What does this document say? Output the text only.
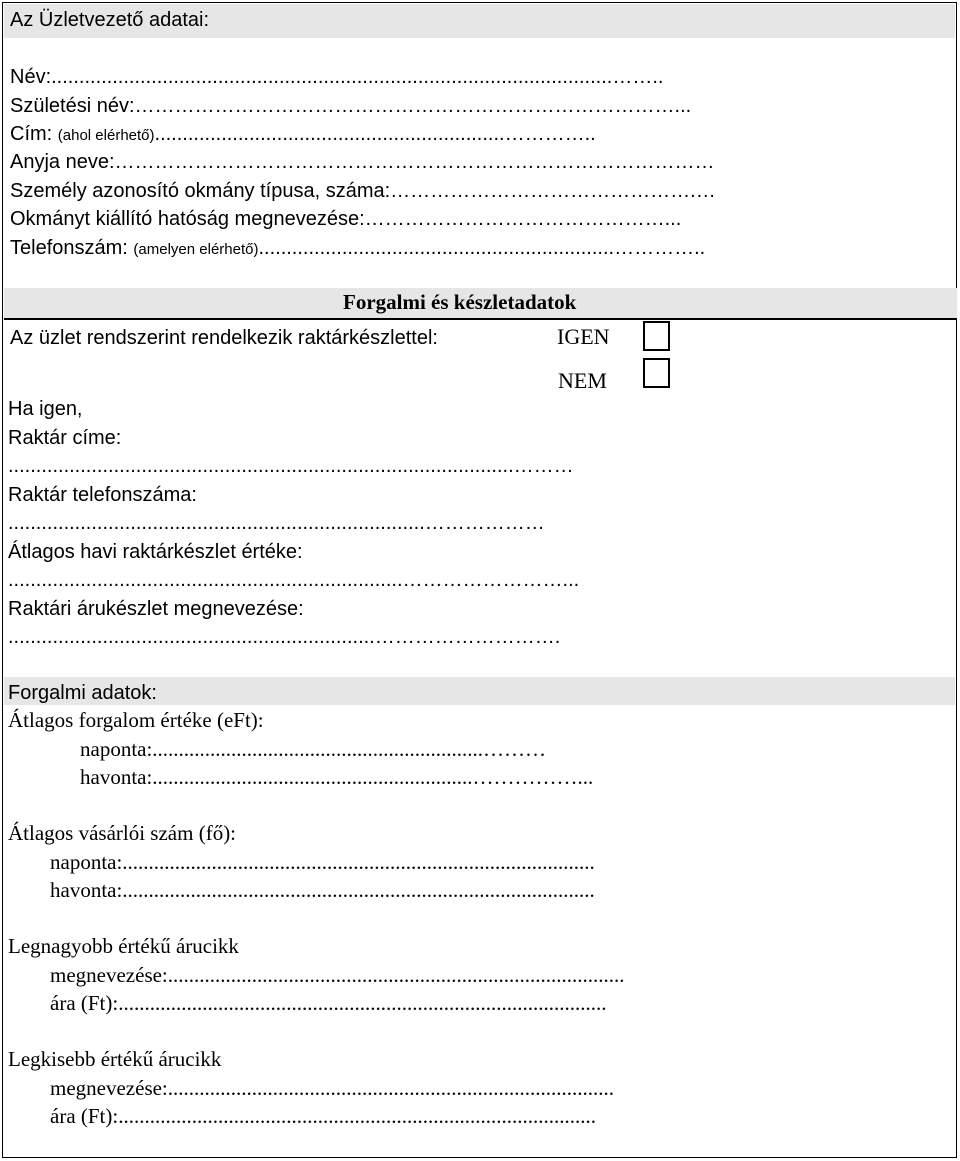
Az Üzletvezető adatai:
Név:.....................................................................................................……..
Születési név:………………………………………………………………………...
Cím: (ahol elérhető)...............................................................…………..
Anyja neve:………………………………………………………………………………
Személy azonosító okmány típusa, száma:……………………………………….…
Okmányt kiállító hatóság megnevezése:………………………………………...
Telefonszám: (amelyen elérhető)................................................................…………..
Forgalmi és készletadatok
Az üzlet rendszerint rendelkezik raktárkészlettel:	IGEN
NEM
Ha igen,
Raktár címe:
...........................................................................................………
Raktár telefonszáma:
...........................................................................………………
Átlagos havi raktárkészlet értéke:
.......................................................................……………………...
Raktári árukészlet megnevezése:
..................................................................……………………….
Forgalmi adatok:
Átlagos forgalom értéke (eFt):
naponta:...............................................................………
havonta:.............................................................……………...
Átlagos vásárlói szám (fő):
naponta:..........................................................................................
havonta:..........................................................................................
Legnagyobb értékű árucikk
megnevezése:.......................................................................................
ára (Ft):.............................................................................................
Legkisebb értékű árucikk
megnevezése:.....................................................................................
ára (Ft):...........................................................................................
